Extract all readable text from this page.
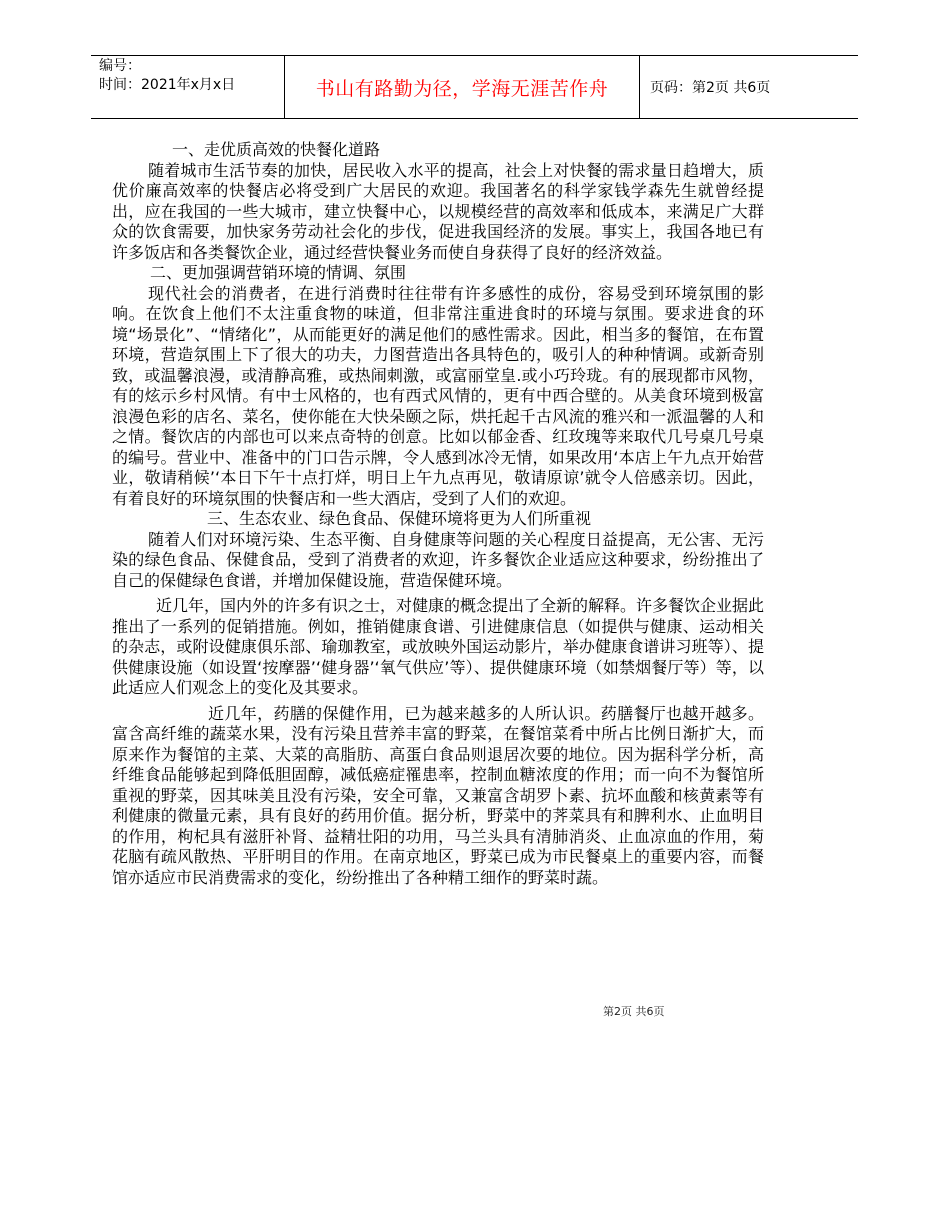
编号：
时间：2021年x月x日	书山有路勤为径，学海无涯苦作舟	页码：第2页 共6页

一、走优质高效的快餐化道路

随着城市生活节奏的加快，居民收入水平的提高，社会上对快餐的需求量日趋增大，质优价廉高效率的快餐店必将受到广大居民的欢迎。我国著名的科学家钱学森先生就曾经提出，应在我国的一些大城市，建立快餐中心，以规模经营的高效率和低成本，来满足广大群众的饮食需要，加快家务劳动社会化的步伐，促进我国经济的发展。事实上，我国各地已有许多饭店和各类餐饮企业，通过经营快餐业务而使自身获得了良好的经济效益。

二、更加强调营销环境的情调、氛围

现代社会的消费者，在进行消费时往往带有许多感性的成份，容易受到环境氛围的影响。在饮食上他们不太注重食物的味道，但非常注重进食时的环境与氛围。要求进食的环境“场景化”、“情绪化”，从而能更好的满足他们的感性需求。因此，相当多的餐馆，在布置环境，营造氛围上下了很大的功夫，力图营造出各具特色的，吸引人的种种情调。或新奇别致，或温馨浪漫，或清静高雅，或热闹刺激，或富丽堂皇.或小巧玲珑。有的展现都市风物，有的炫示乡村风情。有中士风格的，也有西式风情的，更有中西合壁的。从美食环境到极富浪漫色彩的店名、菜名，使你能在大快朵颐之际，烘托起千古风流的雅兴和一派温馨的人和之情。餐饮店的内部也可以来点奇特的创意。比如以郁金香、红玫瑰等来取代几号桌几号桌的编号。营业中、准备中的门口告示牌，令人感到冰冷无情，如果改用‘本店上午九点开始营业，敬请稍候’‘本日下午十点打烊，明日上午九点再见，敬请原谅’就令人倍感亲切。因此，有着良好的环境氛围的快餐店和一些大酒店，受到了人们的欢迎。

三、生态农业、绿色食品、保健环境将更为人们所重视

随着人们对环境污染、生态平衡、自身健康等问题的关心程度日益提高，无公害、无污染的绿色食品、保健食品，受到了消费者的欢迎，许多餐饮企业适应这种要求，纷纷推出了自己的保健绿色食谱，并增加保健设施，营造保健环境。

近几年，国内外的许多有识之士，对健康的概念提出了全新的解释。许多餐饮企业据此推出了一系列的促销措施。例如，推销健康食谱、引进健康信息（如提供与健康、运动相关的杂志，或附设健康俱乐部、瑜珈教室，或放映外国运动影片，举办健康食谱讲习班等）、提供健康设施（如设置‘按摩器’‘健身器’‘氧气供应’等）、提供健康环境（如禁烟餐厅等）等，以此适应人们观念上的变化及其要求。

近几年，药膳的保健作用，已为越来越多的人所认识。药膳餐厅也越开越多。富含高纤维的蔬菜水果，没有污染且营养丰富的野菜，在餐馆菜肴中所占比例日渐扩大，而原来作为餐馆的主菜、大菜的高脂肪、高蛋白食品则退居次要的地位。因为据科学分析，高纤维食品能够起到降低胆固醇，减低癌症罹患率，控制血糖浓度的作用；而一向不为餐馆所重视的野菜，因其味美且没有污染，安全可靠，又兼富含胡罗卜素、抗坏血酸和核黄素等有利健康的微量元素，具有良好的药用价值。据分析，野菜中的荠菜具有和脾利水、止血明目的作用，枸杞具有滋肝补肾、益精壮阳的功用，马兰头具有清肺消炎、止血凉血的作用，菊花脑有疏风散热、平肝明目的作用。在南京地区，野菜已成为市民餐桌上的重要内容，而餐馆亦适应市民消费需求的变化，纷纷推出了各种精工细作的野菜时蔬。

第2页 共6页
